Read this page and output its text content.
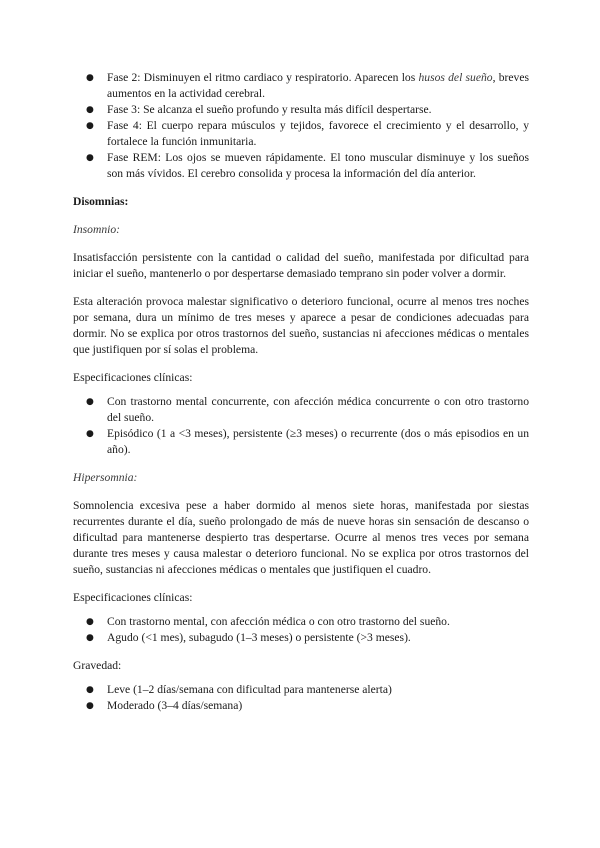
● Fase 2: Disminuyen el ritmo cardiaco y respiratorio. Aparecen los husos del sueño, breves aumentos en la actividad cerebral.
● Fase 3: Se alcanza el sueño profundo y resulta más difícil despertarse.
● Fase 4: El cuerpo repara músculos y tejidos, favorece el crecimiento y el desarrollo, y fortalece la función inmunitaria.
● Fase REM: Los ojos se mueven rápidamente. El tono muscular disminuye y los sueños son más vívidos. El cerebro consolida y procesa la información del día anterior.

Disomnias:

Insomnio:

Insatisfacción persistente con la cantidad o calidad del sueño, manifestada por dificultad para iniciar el sueño, mantenerlo o por despertarse demasiado temprano sin poder volver a dormir.

Esta alteración provoca malestar significativo o deterioro funcional, ocurre al menos tres noches por semana, dura un mínimo de tres meses y aparece a pesar de condiciones adecuadas para dormir. No se explica por otros trastornos del sueño, sustancias ni afecciones médicas o mentales que justifiquen por sí solas el problema.

Especificaciones clínicas:

● Con trastorno mental concurrente, con afección médica concurrente o con otro trastorno del sueño.
● Episódico (1 a <3 meses), persistente (≥3 meses) o recurrente (dos o más episodios en un año).

Hipersomnia:

Somnolencia excesiva pese a haber dormido al menos siete horas, manifestada por siestas recurrentes durante el día, sueño prolongado de más de nueve horas sin sensación de descanso o dificultad para mantenerse despierto tras despertarse. Ocurre al menos tres veces por semana durante tres meses y causa malestar o deterioro funcional. No se explica por otros trastornos del sueño, sustancias ni afecciones médicas o mentales que justifiquen el cuadro.

Especificaciones clínicas:

● Con trastorno mental, con afección médica o con otro trastorno del sueño.
● Agudo (<1 mes), subagudo (1–3 meses) o persistente (>3 meses).

Gravedad:

● Leve (1–2 días/semana con dificultad para mantenerse alerta)
● Moderado (3–4 días/semana)
